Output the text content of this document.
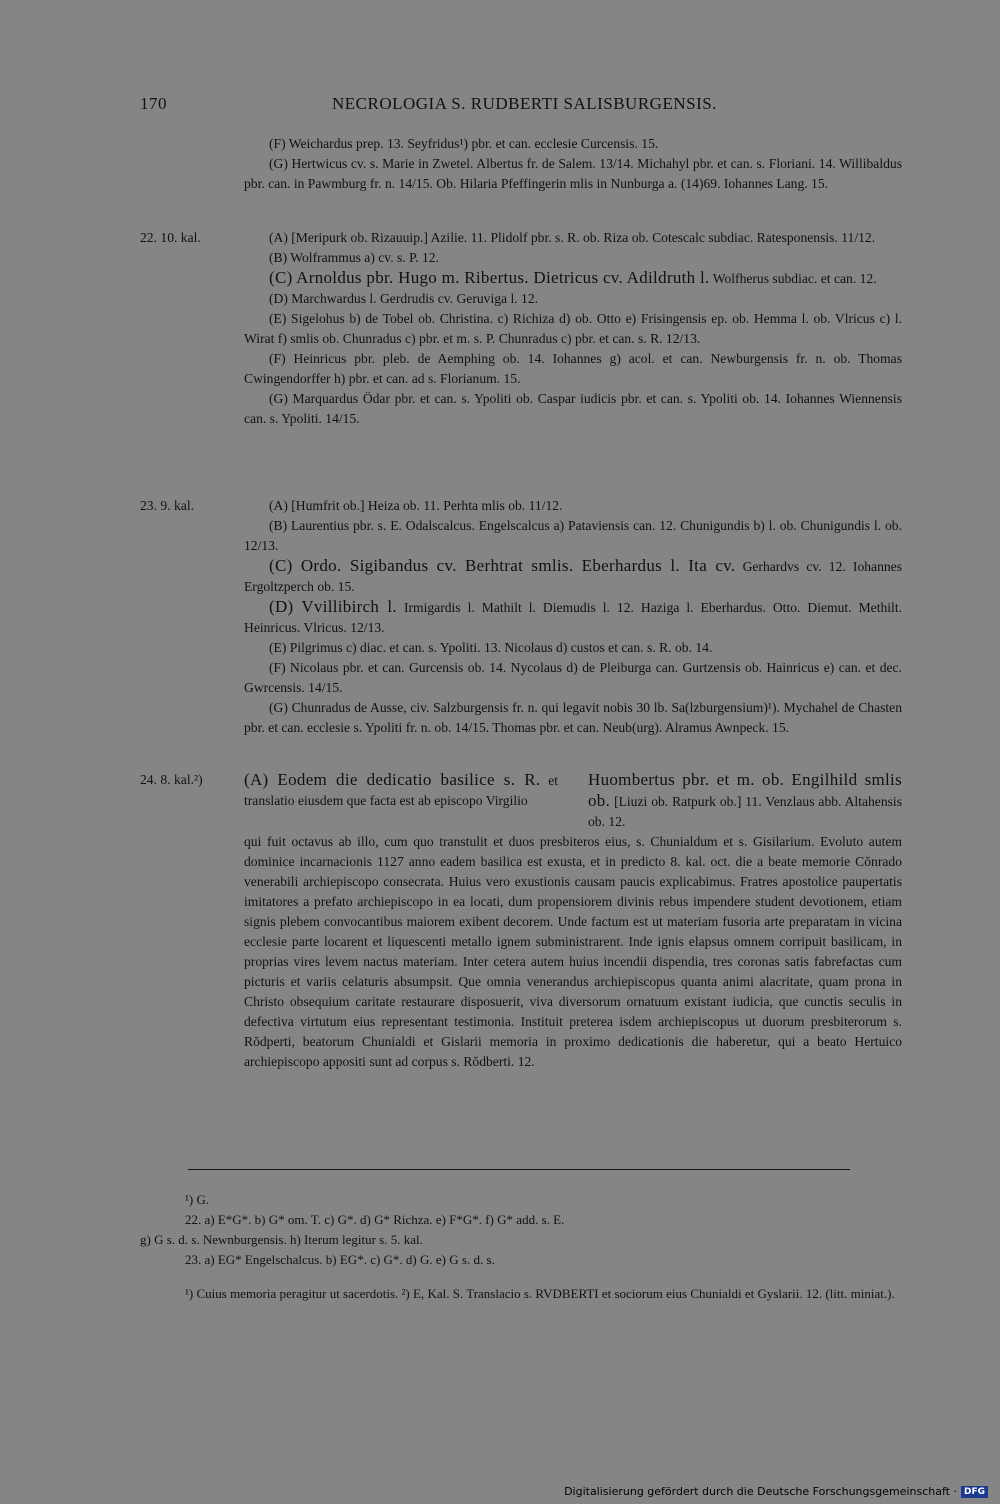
170	NECROLOGIA S. RUDBERTI SALISBURGENSIS.

(F) Weichardus prep. 13. Seyfridus¹) pbr. et can. ecclesie Curcensis. 15.

(G) Hertwicus cv. s. Marie in Zwetel. Albertus fr. de Salem. 13/14. Michahyl pbr. et can. s. Floriani. 14. Willibaldus pbr. can. in Pawmburg fr. n. 14/15. Ob. Hilaria Pfeffingerin mlis in Nunburga a. (14)69. Iohannes Lang. 15.

22. 10. kal.	(A) [Meripurk ob. Rizauuip.] Azilie. 11. Plidolf pbr. s. R. ob. Riza ob. Cotescalc subdiac. Ratesponensis. 11/12.

(B) Wolframmus a) cv. s. P. 12.

(C) Arnoldus pbr. Hugo m. Ribertus. Dietricus cv. Adildruth l. Wolfherus subdiac. et can. 12.

(D) Marchwardus l. Gerdrudis cv. Geruviga l. 12.

(E) Sigelohus b) de Tobel ob. Christina. c) Richiza d) ob. Otto e) Frisingensis ep. ob. Hemma l. ob. Vlricus c) l. Wirat f) smlis ob. Chunradus c) pbr. et m. s. P. Chunradus c) pbr. et can. s. R. 12/13.

(F) Heinricus pbr. pleb. de Aemphing ob. 14. Iohannes g) acol. et can. Newburgensis fr. n. ob. Thomas Cwingendorffer h) pbr. et can. ad s. Florianum. 15.

(G) Marquardus Ödar pbr. et can. s. Ypoliti ob. Caspar iudicis pbr. et can. s. Ypoliti ob. 14. Iohannes Wiennensis can. s. Ypoliti. 14/15.

23. 9. kal.	(A) [Humfrit ob.] Heiza ob. 11. Perhta mlis ob. 11/12.

(B) Laurentius pbr. s. E. Odalscalcus. Engelscalcus a) Pataviensis can. 12. Chunigundis b) l. ob. Chunigundis l. ob. 12/13.

(C) Ordo. Sigibandus cv. Berhtrat smlis. Eberhardus l. Ita cv. Gerhardvs cv. 12. Iohannes Ergoltzperch ob. 15.

(D) Vvillibirch l. Irmigardis l. Mathilt l. Diemudis l. 12. Haziga l. Eberhardus. Otto. Diemut. Methilt. Heinricus. Vlricus. 12/13.

(E) Pilgrimus c) diac. et can. s. Ypoliti. 13. Nicolaus d) custos et can. s. R. ob. 14.

(F) Nicolaus pbr. et can. Gurcensis ob. 14. Nycolaus d) de Pleiburga can. Gurtzensis ob. Hainricus e) can. et dec. Gwrcensis. 14/15.

(G) Chunradus de Ausse, civ. Salzburgensis fr. n. qui legavit nobis 30 lb. Sa(lzburgensium)¹). Mychahel de Chasten pbr. et can. ecclesie s. Ypoliti fr. n. ob. 14/15. Thomas pbr. et can. Neub(urg). Alramus Awnpeck. 15.

24. 8. kal.²)	(A) Eodem die dedicatio basilice s. R. et translatio eiusdem que facta est ab episcopo Virgilio

Huombertus pbr. et m. ob. Engilhild smlis ob. [Liuzi ob. Ratpurk ob.] 11. Venzlaus abb. Altahensis ob. 12.

qui fuit octavus ab illo, cum quo transtulit et duos presbiteros eius, s. Chunialdum et s. Gisilarium. Evoluto autem dominice incarnacionis 1127 anno eadem basilica est exusta, et in predicto 8. kal. oct. die a beate memorie Cŏnrado venerabili archiepiscopo consecrata. Huius vero exustionis causam paucis explicabimus. Fratres apostolice paupertatis imitatores a prefato archiepiscopo in ea locati, dum propensiorem divinis rebus impendere student devotionem, etiam signis plebem convocantibus maiorem exibent decorem. Unde factum est ut materiam fusoria arte preparatam in vicina ecclesie parte locarent et liquescenti metallo ignem subministrarent. Inde ignis elapsus omnem corripuit basilicam, in proprias vires levem nactus materiam. Inter cetera autem huius incendii dispendia, tres coronas satis fabrefactas cum picturis et variis celaturis absumpsit. Que omnia venerandus archiepiscopus quanta animi alacritate, quam prona in Christo obsequium caritate restaurare disposuerit, viva diversorum ornatuum existant iudicia, que cunctis seculis in defectiva virtutum eius representant testimonia. Instituit preterea isdem archiepiscopus ut duorum presbiterorum s. Rŏdperti, beatorum Chunialdi et Gislarii memoria in proximo dedicationis die haberetur, qui a beato Hertuico archiepiscopo appositi sunt ad corpus s. Rŏdberti. 12.

¹) G.

22. a) E*G*. b) G* om. T. c) G*. d) G* Richza. e) F*G*. f) G* add. s. E.

g) G s. d. s. Newnburgensis. h) Iterum legitur s. 5. kal.

23. a) EG* Engelschalcus. b) EG*. c) G*. d) G. e) G s. d. s.

¹) Cuius memoria peragitur ut sacerdotis. ²) E, Kal. S. Translacio s. RVDBERTI et sociorum eius Chunialdi et Gyslarii. 12. (litt. miniat.).

Digitalisierung gefördert durch die Deutsche Forschungsgemeinschaft · DFG
